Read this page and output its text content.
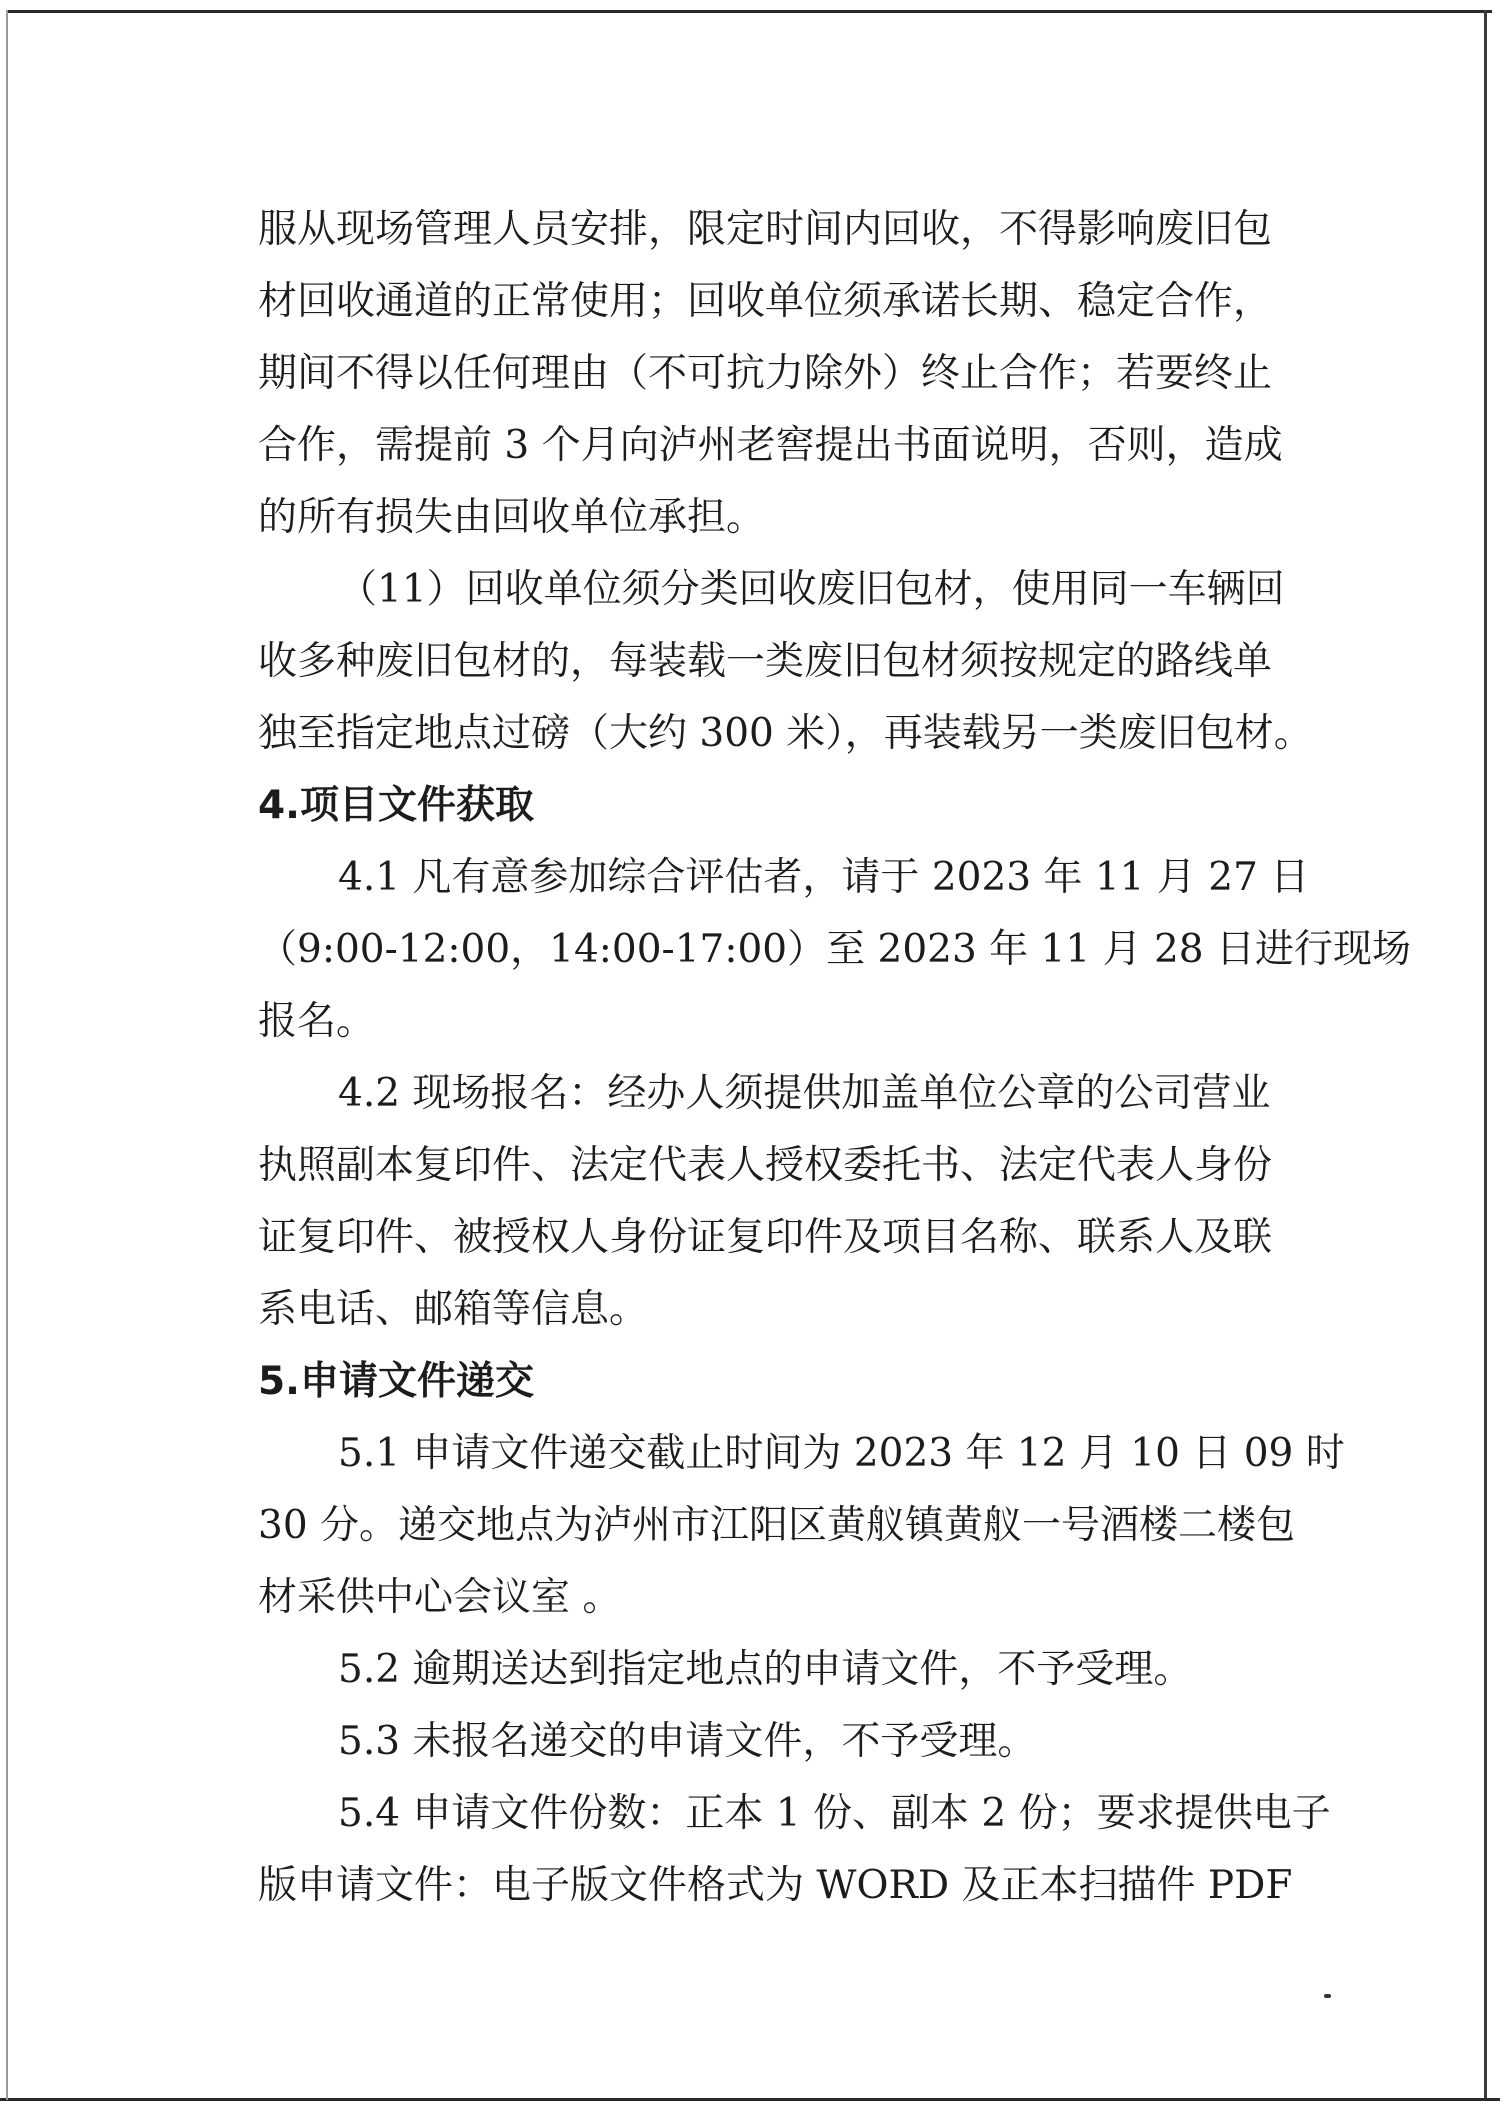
服从现场管理人员安排，限定时间内回收，不得影响废旧包
材回收通道的正常使用；回收单位须承诺长期、稳定合作，
期间不得以任何理由（不可抗力除外）终止合作；若要终止
合作，需提前 3 个月向泸州老窖提出书面说明，否则，造成
的所有损失由回收单位承担。
（11）回收单位须分类回收废旧包材，使用同一车辆回
收多种废旧包材的，每装载一类废旧包材须按规定的路线单
独至指定地点过磅（大约 300 米），再装载另一类废旧包材。
4.项目文件获取
4.1 凡有意参加综合评估者，请于 2023 年 11 月 27 日
（9:00-12:00，14:00-17:00）至 2023 年 11 月 28 日进行现场
报名。
4.2 现场报名：经办人须提供加盖单位公章的公司营业
执照副本复印件、法定代表人授权委托书、法定代表人身份
证复印件、被授权人身份证复印件及项目名称、联系人及联
系电话、邮箱等信息。
5.申请文件递交
5.1 申请文件递交截止时间为 2023 年 12 月 10 日 09 时
30 分。递交地点为泸州市江阳区黄舣镇黄舣一号酒楼二楼包
材采供中心会议室 。
5.2 逾期送达到指定地点的申请文件，不予受理。
5.3 未报名递交的申请文件，不予受理。
5.4 申请文件份数：正本 1 份、副本 2 份；要求提供电子
版申请文件：电子版文件格式为 WORD 及正本扫描件 PDF
